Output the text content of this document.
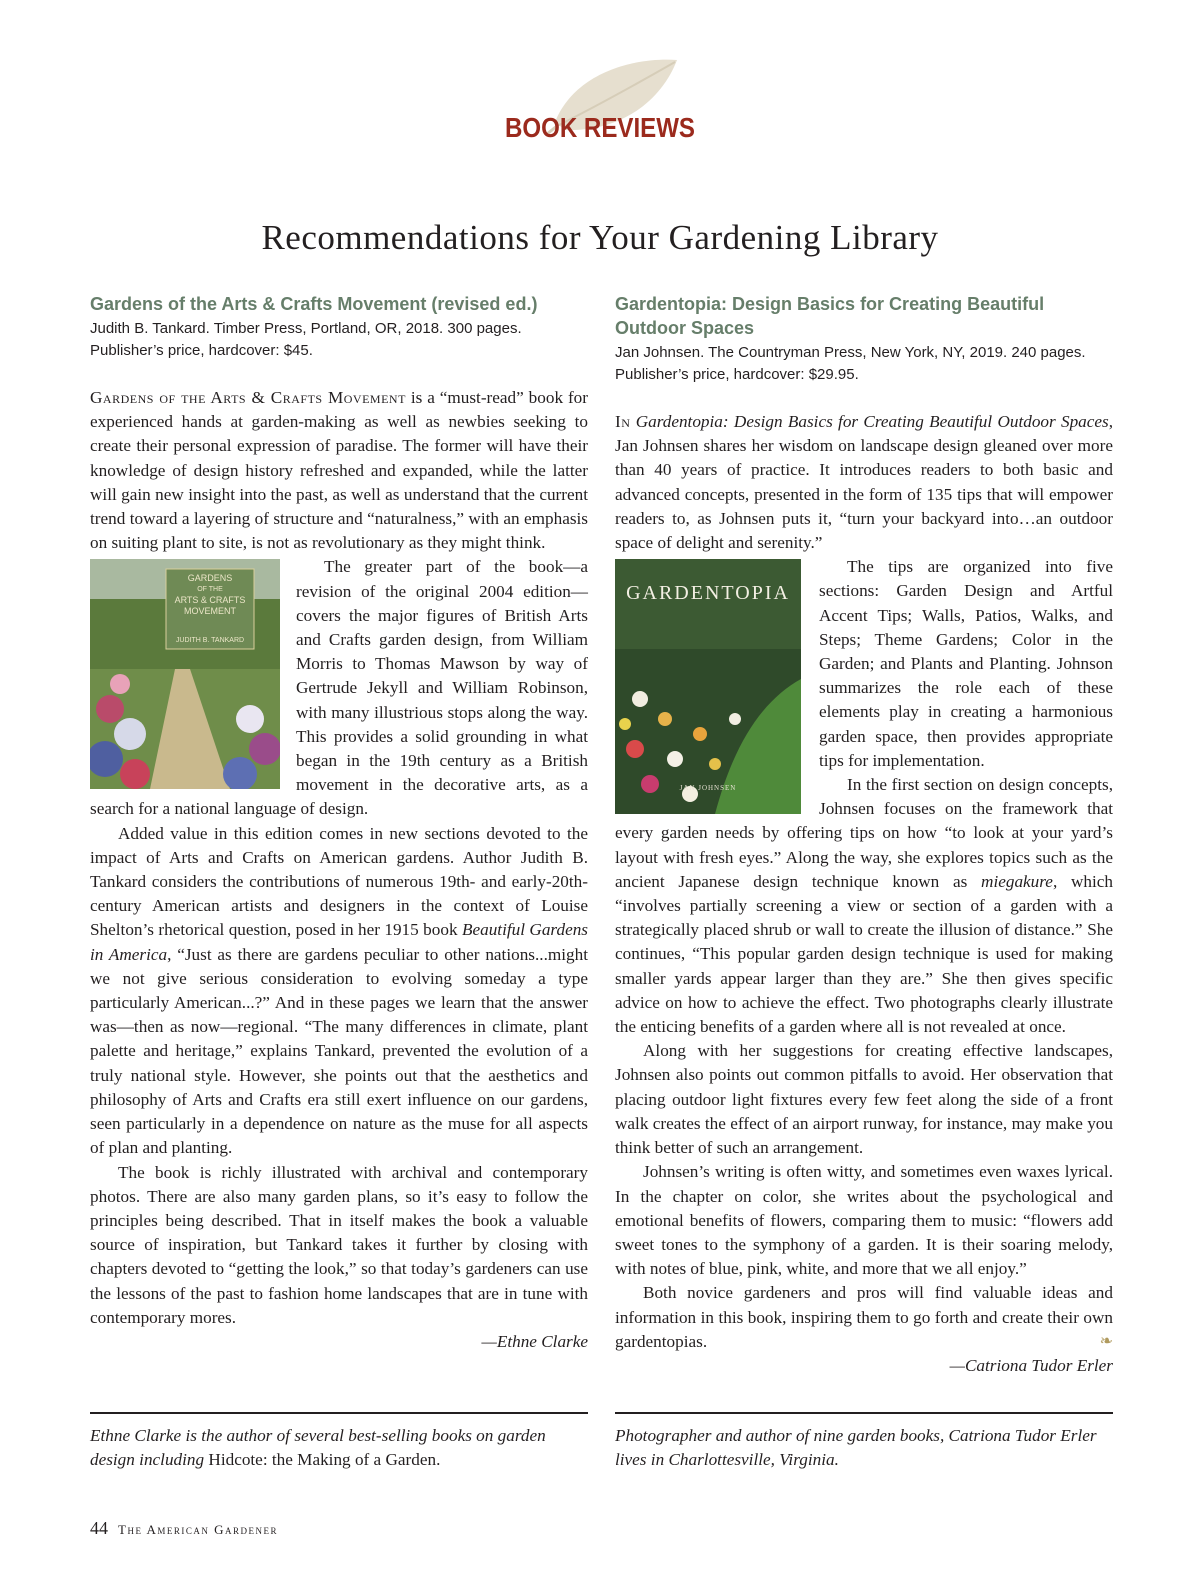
BOOK REVIEWS
Recommendations for Your Gardening Library
Gardens of the Arts & Crafts Movement (revised ed.)
Judith B. Tankard. Timber Press, Portland, OR, 2018. 300 pages.
Publisher’s price, hardcover: $45.

Gardens of the Arts & Crafts Movement is a “must-read” book for experienced hands at garden-making as well as newbies seeking to create their personal expression of paradise. The former will have their knowledge of design history refreshed and expanded, while the latter will gain new insight into the past, as well as understand that the current trend toward a layering of structure and “naturalness,” with an emphasis on suiting plant to site, is not as revolutionary as they might think.

GARDENS
OF THE
ARTS & CRAFTS
MOVEMENT
JUDITH B. TANKARD

The greater part of the book—a revision of the original 2004 edition—covers the major figures of British Arts and Crafts garden design, from William Morris to Thomas Mawson by way of Gertrude Jekyll and William Robinson, with many illustrious stops along the way. This provides a solid grounding in what began in the 19th century as a British movement in the decorative arts, as a search for a national language of design.

Added value in this edition comes in new sections devoted to the impact of Arts and Crafts on American gardens. Author Judith B. Tankard considers the contributions of numerous 19th- and early-20th-century American artists and designers in the context of Louise Shelton’s rhetorical question, posed in her 1915 book Beautiful Gardens in America, “Just as there are gardens peculiar to other nations...might we not give serious consideration to evolving someday a type particularly American...?” And in these pages we learn that the answer was—then as now—regional. “The many differences in climate, plant palette and heritage,” explains Tankard, prevented the evolution of a truly national style. However, she points out that the aesthetics and philosophy of Arts and Crafts era still exert influence on our gardens, seen particularly in a dependence on nature as the muse for all aspects of plan and planting.

The book is richly illustrated with archival and contemporary photos. There are also many garden plans, so it’s easy to follow the principles being described. That in itself makes the book a valuable source of inspiration, but Tankard takes it further by closing with chapters devoted to “getting the look,” so that today’s gardeners can use the lessons of the past to fashion home landscapes that are in tune with contemporary mores.

—Ethne Clarke
Gardentopia: Design Basics for Creating Beautiful Outdoor Spaces
Jan Johnsen. The Countryman Press, New York, NY, 2019. 240 pages.
Publisher’s price, hardcover: $29.95.

In Gardentopia: Design Basics for Creating Beautiful Outdoor Spaces, Jan Johnsen shares her wisdom on landscape design gleaned over more than 40 years of practice. It introduces readers to both basic and advanced concepts, presented in the form of 135 tips that will empower readers to, as Johnsen puts it, “turn your backyard into…an outdoor space of delight and serenity.”

GARDENTOPIA
JAN JOHNSEN

The tips are organized into five sections: Garden Design and Artful Accent Tips; Walls, Patios, Walks, and Steps; Theme Gardens; Color in the Garden; and Plants and Planting. Johnson summarizes the role each of these elements play in creating a harmonious garden space, then provides appropriate tips for implementation.

In the first section on design concepts, Johnsen focuses on the framework that every garden needs by offering tips on how “to look at your yard’s layout with fresh eyes.” Along the way, she explores topics such as the ancient Japanese design technique known as miegakure, which “involves partially screening a view or section of a garden with a strategically placed shrub or wall to create the illusion of distance.” She continues, “This popular garden design technique is used for making smaller yards appear larger than they are.” She then gives specific advice on how to achieve the effect. Two photographs clearly illustrate the enticing benefits of a garden where all is not revealed at once.

Along with her suggestions for creating effective landscapes, Johnsen also points out common pitfalls to avoid. Her observation that placing outdoor light fixtures every few feet along the side of a front walk creates the effect of an airport runway, for instance, may make you think better of such an arrangement.

Johnsen’s writing is often witty, and sometimes even waxes lyrical. In the chapter on color, she writes about the psychological and emotional benefits of flowers, comparing them to music: “flowers add sweet tones to the symphony of a garden. It is their soaring melody, with notes of blue, pink, white, and more that we all enjoy.”

Both novice gardeners and pros will find valuable ideas and information in this book, inspiring them to go forth and create their own gardentopias.	❧

—Catriona Tudor Erler
Ethne Clarke is the author of several best-selling books on garden design including Hidcote: the Making of a Garden.
Photographer and author of nine garden books, Catriona Tudor Erler lives in Charlottesville, Virginia.
44 The American Gardener
